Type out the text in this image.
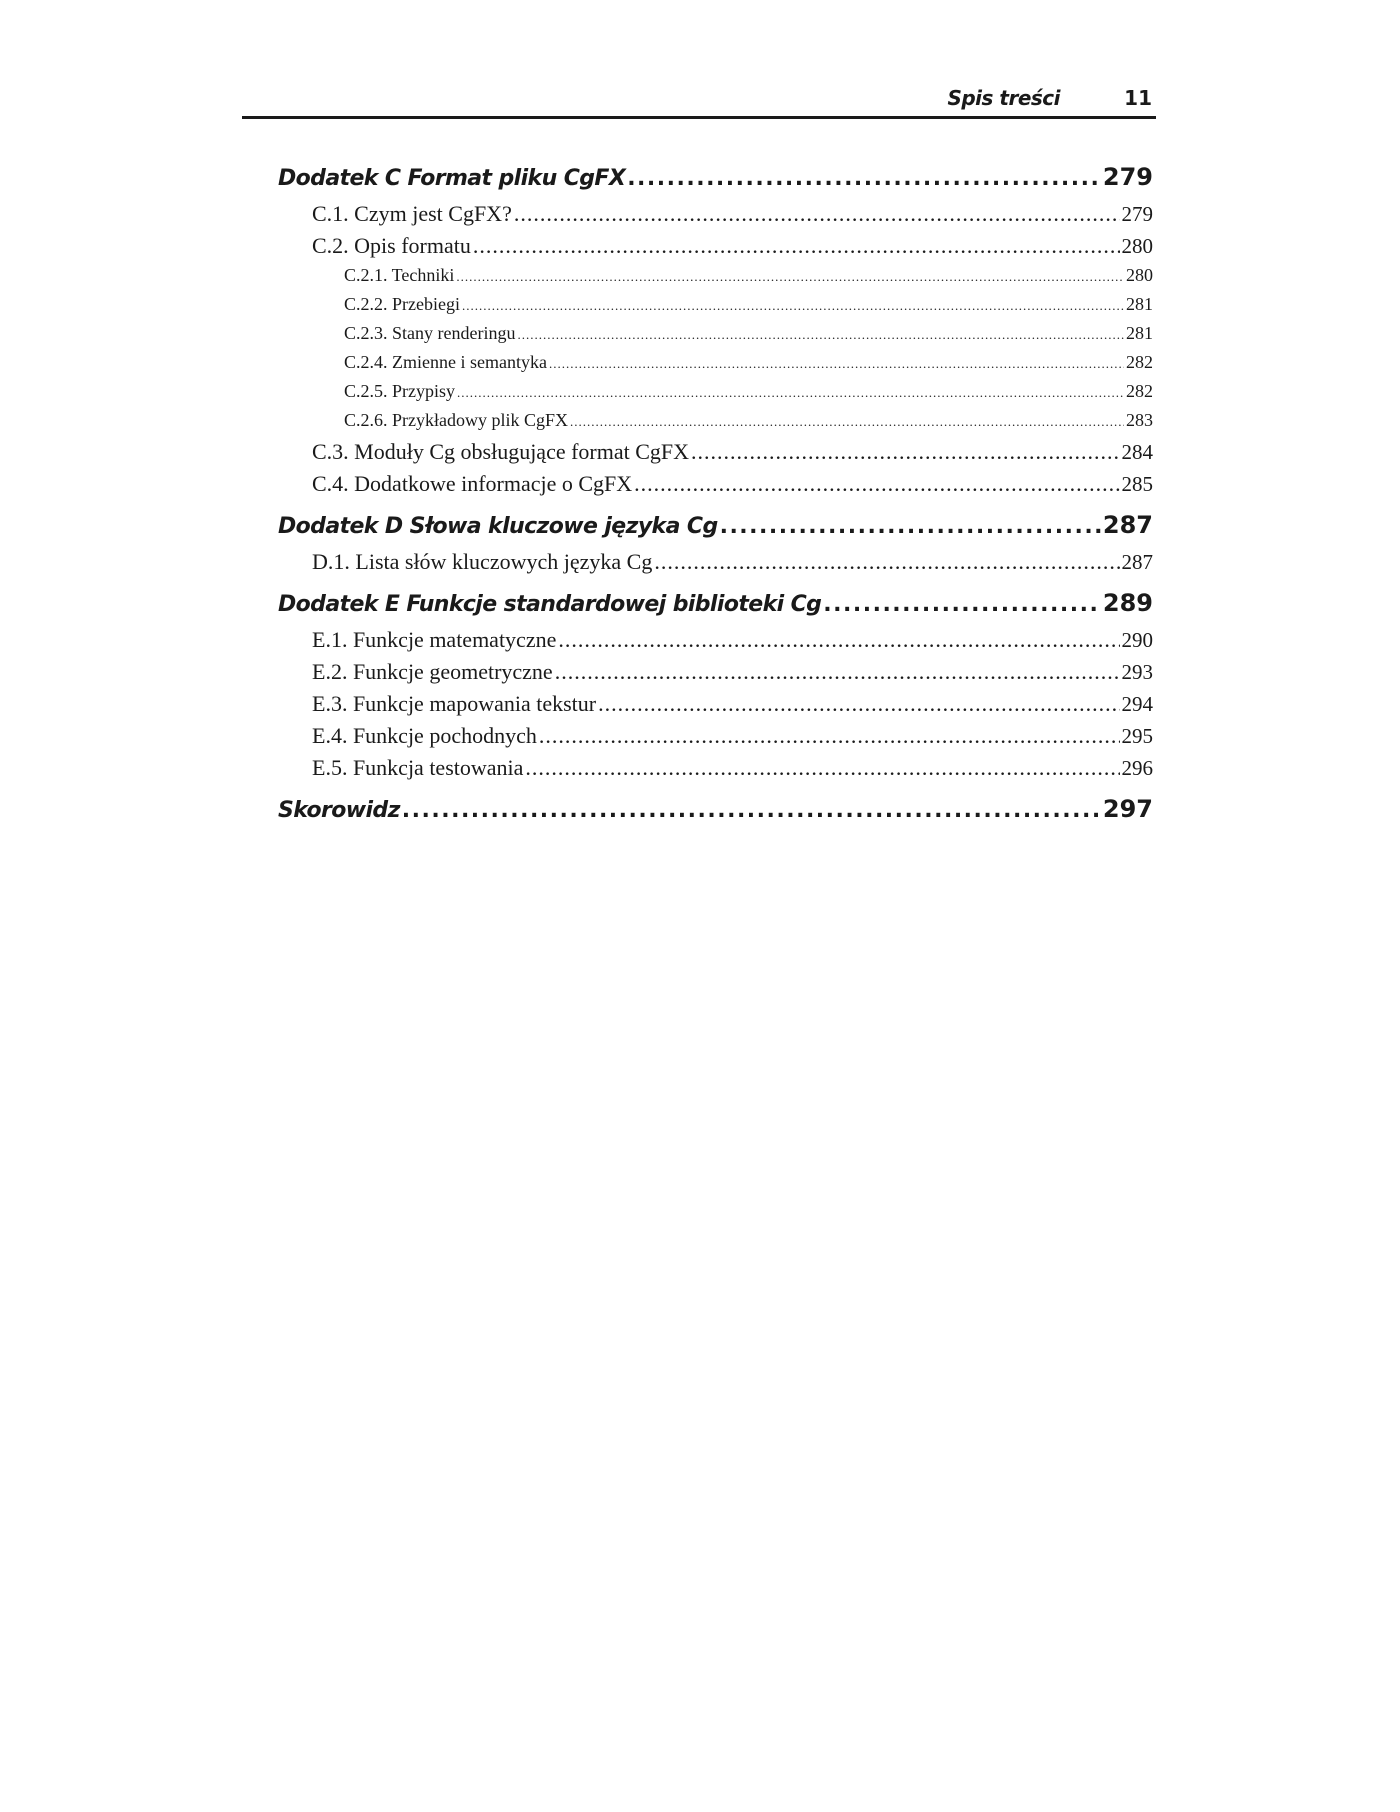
Spis treści	11
Dodatek C Format pliku CgFX .....	279
C.1. Czym jest CgFX? .....	279
C.2. Opis formatu .....	280
C.2.1. Techniki .....	280
C.2.2. Przebiegi .....	281
C.2.3. Stany renderingu .....	281
C.2.4. Zmienne i semantyka .....	282
C.2.5. Przypisy .....	282
C.2.6. Przykładowy plik CgFX .....	283
C.3. Moduły Cg obsługujące format CgFX .....	284
C.4. Dodatkowe informacje o CgFX .....	285
Dodatek D Słowa kluczowe języka Cg .....	287
D.1. Lista słów kluczowych języka Cg .....	287
Dodatek E Funkcje standardowej biblioteki Cg .....	289
E.1. Funkcje matematyczne .....	290
E.2. Funkcje geometryczne .....	293
E.3. Funkcje mapowania tekstur .....	294
E.4. Funkcje pochodnych .....	295
E.5. Funkcja testowania .....	296
Skorowidz .....	297
